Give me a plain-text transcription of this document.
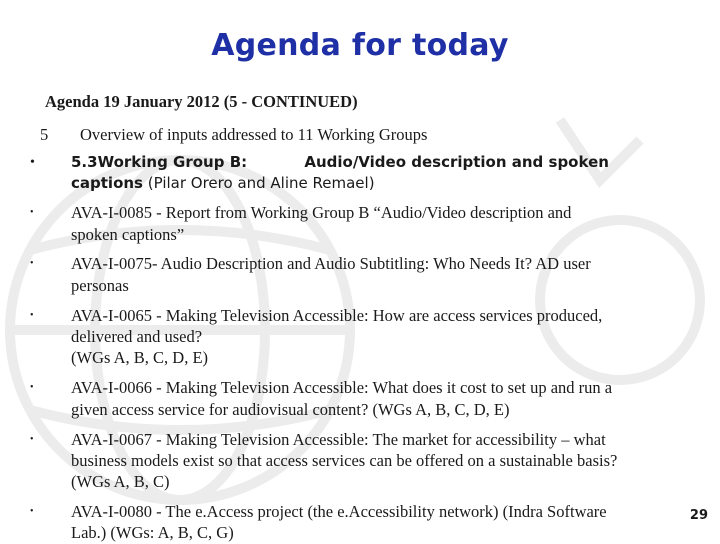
Agenda for today
Agenda 19 January 2012 (5 - CONTINUED)
5 Overview of inputs addressed to 11 Working Groups
•	5.3Working Group B:	Audio/Video description and spoken captions (Pilar Orero and Aline Remael)
•	AVA-I-0085 - Report from Working Group B “Audio/Video description and
spoken captions”
•	AVA-I-0075- Audio Description and Audio Subtitling: Who Needs It? AD user
personas
•	AVA-I-0065 - Making Television Accessible: How are access services produced,
delivered and used?
(WGs A, B, C, D, E)
•	AVA-I-0066 - Making Television Accessible: What does it cost to set up and run a
given access service for audiovisual content? (WGs A, B, C, D, E)
•	AVA-I-0067 - Making Television Accessible: The market for accessibility – what
business models exist so that access services can be offered on a sustainable basis?
(WGs A, B, C)
•	AVA-I-0080 - The e.Access project (the e.Accessibility network) (Indra Software
Lab.) (WGs: A, B, C, G)
29
